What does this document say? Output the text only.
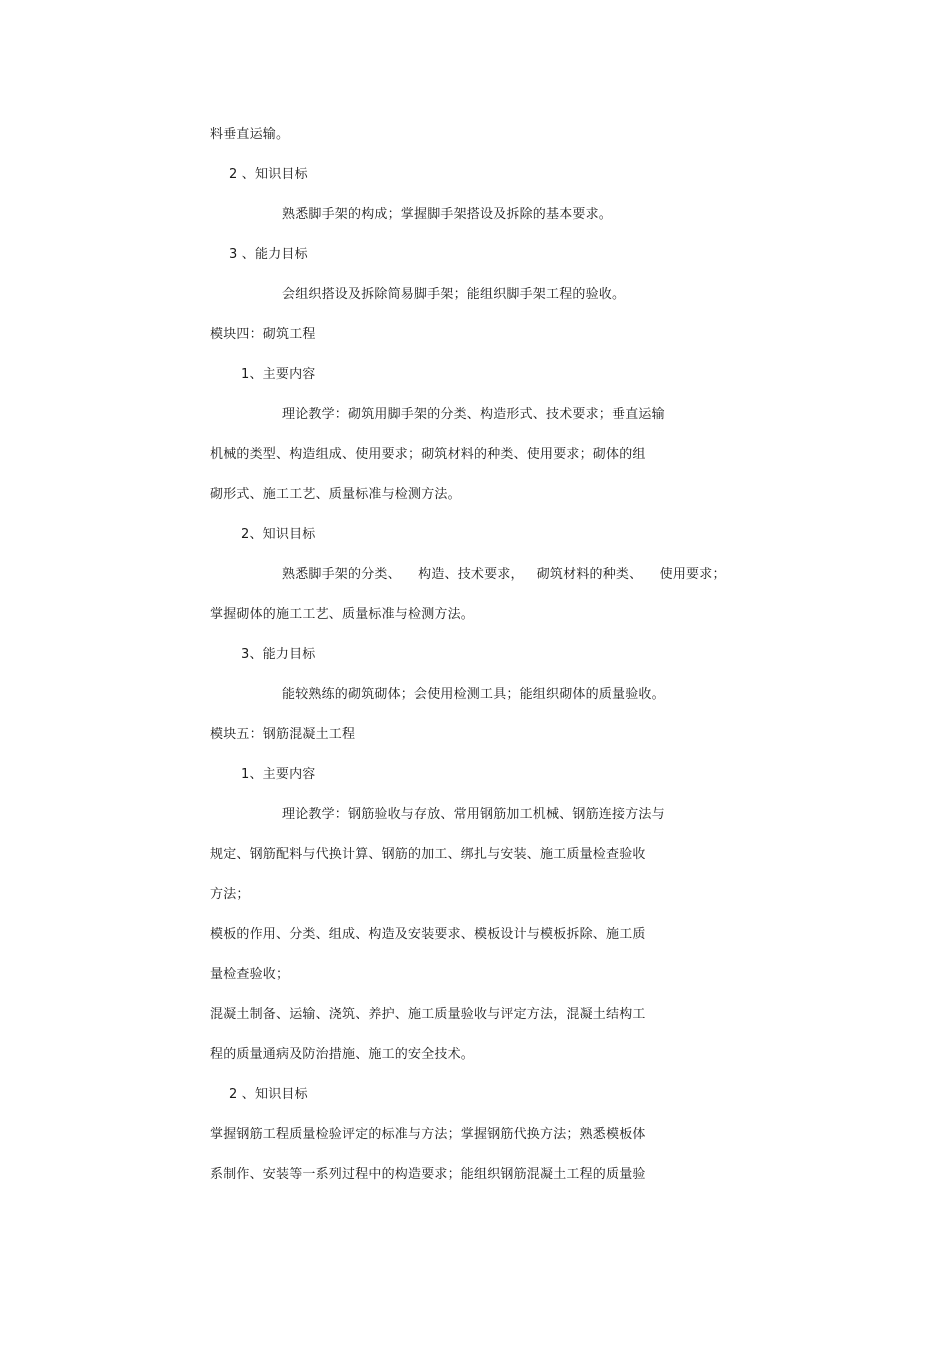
料垂直运输。
2 、知识目标
熟悉脚手架的构成；掌握脚手架搭设及拆除的基本要求。
3 、能力目标
会组织搭设及拆除简易脚手架；能组织脚手架工程的验收。
模块四：砌筑工程
1、主要内容
理论教学：砌筑用脚手架的分类、构造形式、技术要求；垂直运输
机械的类型、构造组成、使用要求；砌筑材料的种类、使用要求；砌体的组
砌形式、施工工艺、质量标准与检测方法。
2、知识目标
熟悉脚手架的分类、    构造、技术要求，   砌筑材料的种类、    使用要求；
掌握砌体的施工工艺、质量标准与检测方法。
3、能力目标
能较熟练的砌筑砌体；会使用检测工具；能组织砌体的质量验收。
模块五：钢筋混凝土工程
1、主要内容
理论教学：钢筋验收与存放、常用钢筋加工机械、钢筋连接方法与
规定、钢筋配料与代换计算、钢筋的加工、绑扎与安装、施工质量检查验收
方法；
模板的作用、分类、组成、构造及安装要求、模板设计与模板拆除、施工质
量检查验收；
混凝土制备、运输、浇筑、养护、施工质量验收与评定方法，混凝土结构工
程的质量通病及防治措施、施工的安全技术。
2 、知识目标
掌握钢筋工程质量检验评定的标准与方法；掌握钢筋代换方法；熟悉模板体
系制作、安装等一系列过程中的构造要求；能组织钢筋混凝土工程的质量验
